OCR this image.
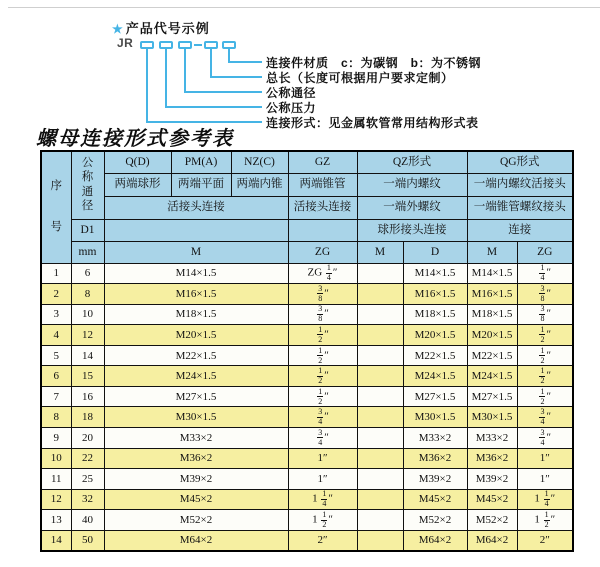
★ 产品代号示例
JR
连接件材质　c：为碳钢　b：为不锈钢
总长（长度可根据用户要求定制）
公称通径
公称压力
连接形式：见金属软管常用结构形式表
螺母连接形式参考表
序
号	公
称
通
径	Q(D)	PM(A)	NZ(C)	GZ	QZ形式		QG形式	
		两端球形	两端平面	两端内锥	两端锥管	一端内螺纹		一端内螺纹活接头	
		活接头连接			活接头连接	一端外螺纹		一端锥管螺纹接头	
	D1					球形接头连接		连接	
	mm	M			ZG	M	D	M	ZG
1	6	M14×1.5			ZG $\frac{1}{4}$ ″		M14×1.5	M14×1.5	$\frac{1}{4}$ ″
2	8	M16×1.5			$\frac{3}{8}$ ″		M16×1.5	M16×1.5	$\frac{3}{8}$ ″
3	10	M18×1.5			$\frac{3}{8}$ ″		M18×1.5	M18×1.5	$\frac{3}{8}$ ″
4	12	M20×1.5			$\frac{1}{2}$ ″		M20×1.5	M20×1.5	$\frac{1}{2}$ ″
5	14	M22×1.5			$\frac{1}{2}$ ″		M22×1.5	M22×1.5	$\frac{1}{2}$ ″
6	15	M24×1.5			$\frac{1}{2}$ ″		M24×1.5	M24×1.5	$\frac{1}{2}$ ″
7	16	M27×1.5			$\frac{1}{2}$ ″		M27×1.5	M27×1.5	$\frac{1}{2}$ ″
8	18	M30×1.5			$\frac{3}{4}$ ″		M30×1.5	M30×1.5	$\frac{3}{4}$ ″
9	20	M33×2			$\frac{3}{4}$ ″		M33×2	M33×2	$\frac{3}{4}$ ″
10	22	M36×2			1″		M36×2	M36×2	1″
11	25	M39×2			1″		M39×2	M39×2	1″
12	32	M45×2			$1 \frac{1}{4}$ ″		M45×2	M45×2	$1 \frac{1}{4}$ ″
13	40	M52×2			$1 \frac{1}{2}$ ″		M52×2	M52×2	$1 \frac{1}{2}$ ″
14	50	M64×2			2″		M64×2	M64×2	2″
